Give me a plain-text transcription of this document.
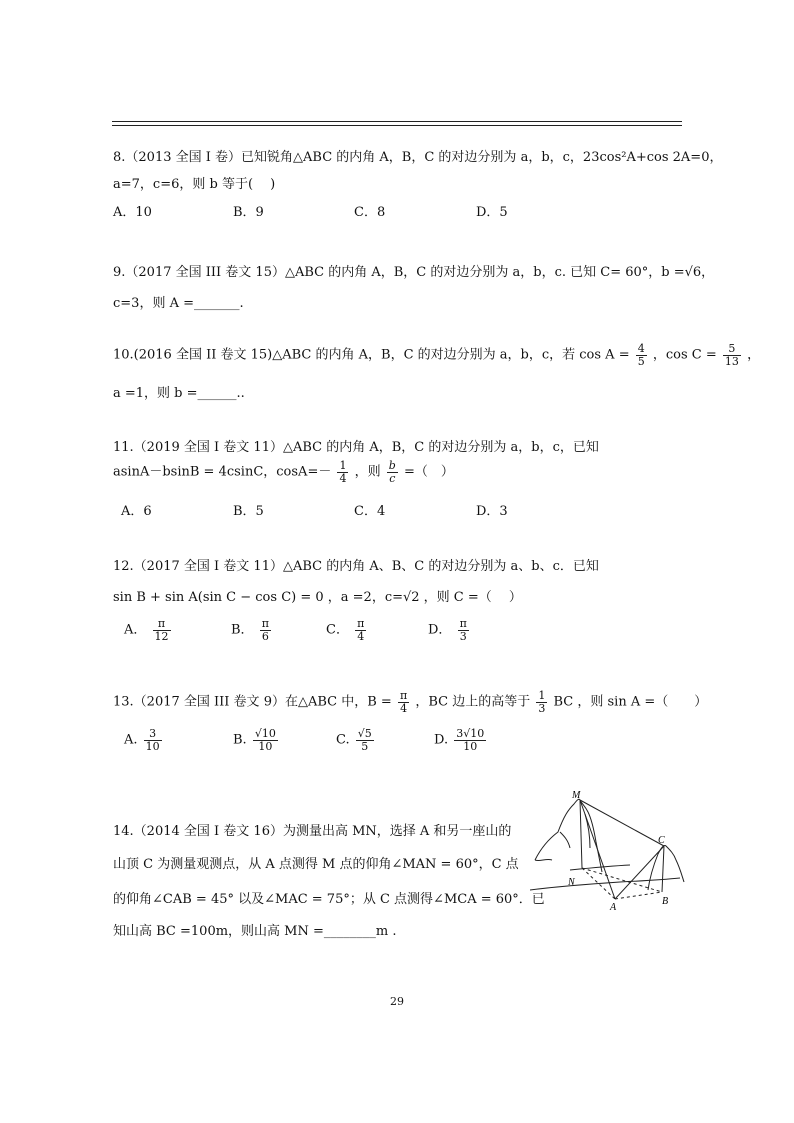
8.（2013 全国 I 卷）已知锐角△ABC 的内角 A，B，C 的对边分别为 a，b，c，23cos²A+cos 2A=0，
a=7，c=6，则 b 等于(　 )
A．10	B．9	C．8	D．5
9.（2017 全国 III 卷文 15）△ABC 的内角 A，B，C 的对边分别为 a，b，c. 已知 C= 60°，b =√6，
c=3，则 A =_______.
10.(2016 全国 II 卷文 15)△ABC 的内角 A，B，C 的对边分别为 a，b，c，若 $\cos A = \frac{4}{5}$ ，$\cos C = \frac{5}{13}$ ，
a =1，则 b =______..
11.（2019 全国 I 卷文 11）△ABC 的内角 A，B，C 的对边分别为 a，b，c，已知
asinA－bsinB = 4csinC，$\cos A=- \frac{1}{4}$ ，则 $\frac{b}{c}$ =（　）
A．6	B．5	C．4	D．3
12.（2017 全国 I 卷文 11）△ABC 的内角 A、B、C 的对边分别为 a、b、c．已知
sin B + sin A(sin C − cos C) = 0 ，a =2，c=√2 ，则 C =（　 ）
A． $\frac{\pi}{12}$	B． $\frac{\pi}{6}$	C． $\frac{\pi}{4}$	D． $\frac{\pi}{3}$
13.（2017 全国 III 卷文 9）在△ABC 中，$B = \frac{\pi}{4}$ ，BC 边上的高等于 $\frac{1}{3}$ BC ，则 sin A =（　　）
A. $\frac{3}{10}$	B. $\frac{√10}{10}$	C. $\frac{√5}{5}$	D. $\frac{3√10}{10}$
14.（2014 全国 I 卷文 16）为测量出高 MN，选择 A 和另一座山的
山顶 C 为测量观测点，从 A 点测得 M 点的仰角∠MAN = 60°，C 点
的仰角∠CAB = 45° 以及∠MAC = 75°；从 C 点测得∠MCA = 60°．已
知山高 BC =100m，则山高 MN =________m .
M
C
N
A
B
29
